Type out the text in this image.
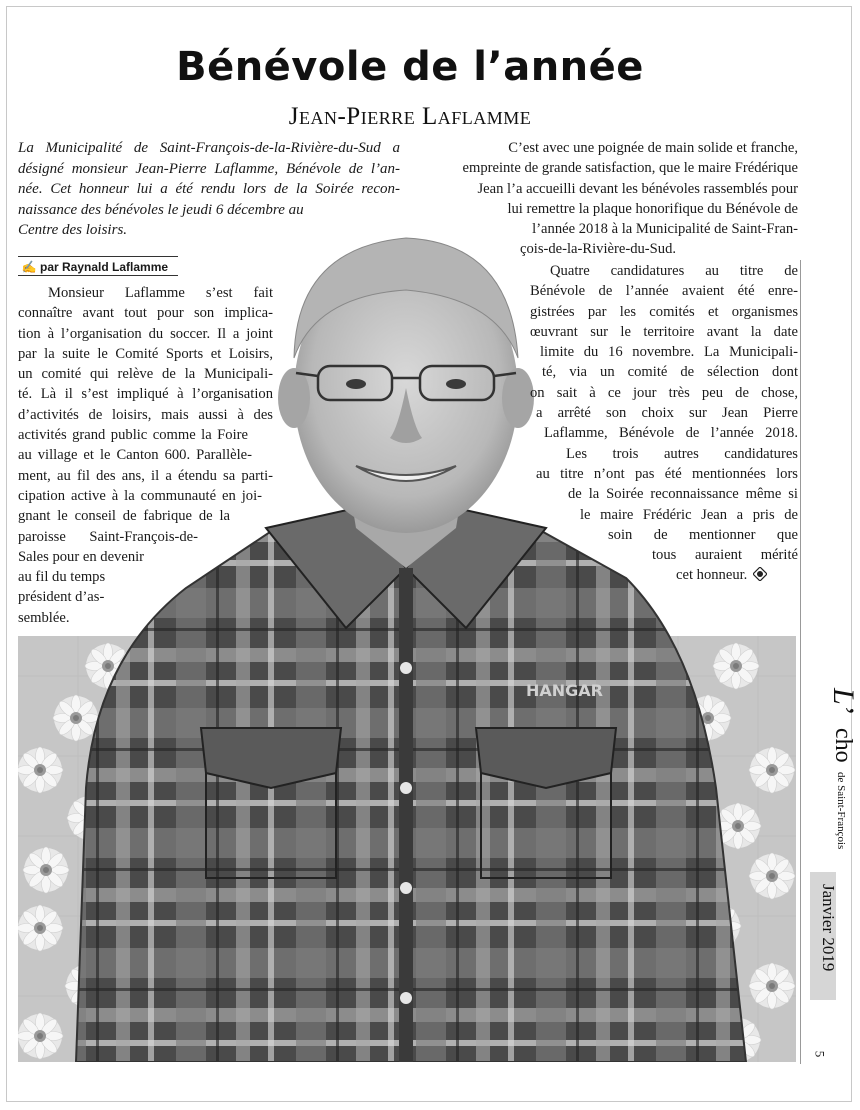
Bénévole de l’année
Jean-Pierre Laflamme
La Municipalité de Saint-François-de-la-Rivière-du-Sud a
désigné monsieur Jean-Pierre Laflamme, Bénévole de l’an-
née. Cet honneur lui a été rendu lors de la Soirée recon-
naissance des bénévoles le jeudi 6 décembre au
Centre des loisirs.
✍ par Raynald Laflamme
HANGAR
Monsieur Laflamme s’est fait
connaître avant tout pour son implica-
tion à l’organisation du soccer. Il a joint
par la suite le Comité Sports et Loisirs,
un comité qui relève de la Municipali-
té. Là il s’est impliqué à l’organisation
d’activités de loisirs, mais aussi à des
activités grand public comme la Foire
au village et le Canton 600. Parallèle-
ment, au fil des ans, il a étendu sa parti-
cipation active à la communauté en joi-
gnant le conseil de fabrique de la
paroisse Saint-François-de-
Sales pour en devenir
au fil du temps
président d’as-
semblée.
C’est avec une poignée de main solide et franche,
empreinte de grande satisfaction, que le maire Frédérique
Jean l’a accueilli devant les bénévoles rassemblés pour
lui remettre la plaque honorifique du Bénévole de
l’année 2018 à la Municipalité de Saint-Fran-
çois-de-la-Rivière-du-Sud.
Quatre candidatures au titre de
Bénévole de l’année avaient été enre-
gistrées par les comités et organismes
œuvrant sur le territoire avant la date
limite du 16 novembre. La Municipali-
té, via un comité de sélection dont
on sait à ce jour très peu de chose,
a arrêté son choix sur Jean Pierre
Laflamme, Bénévole de l’année 2018.
Les trois autres candidatures
au titre n’ont pas été mentionnées lors
de la Soirée reconnaissance même si
le maire Frédéric Jean a pris de
soin de mentionner que
tous auraient mérité
cet honneur.
L’
cho
de Saint-François
Janvier 2019
5
